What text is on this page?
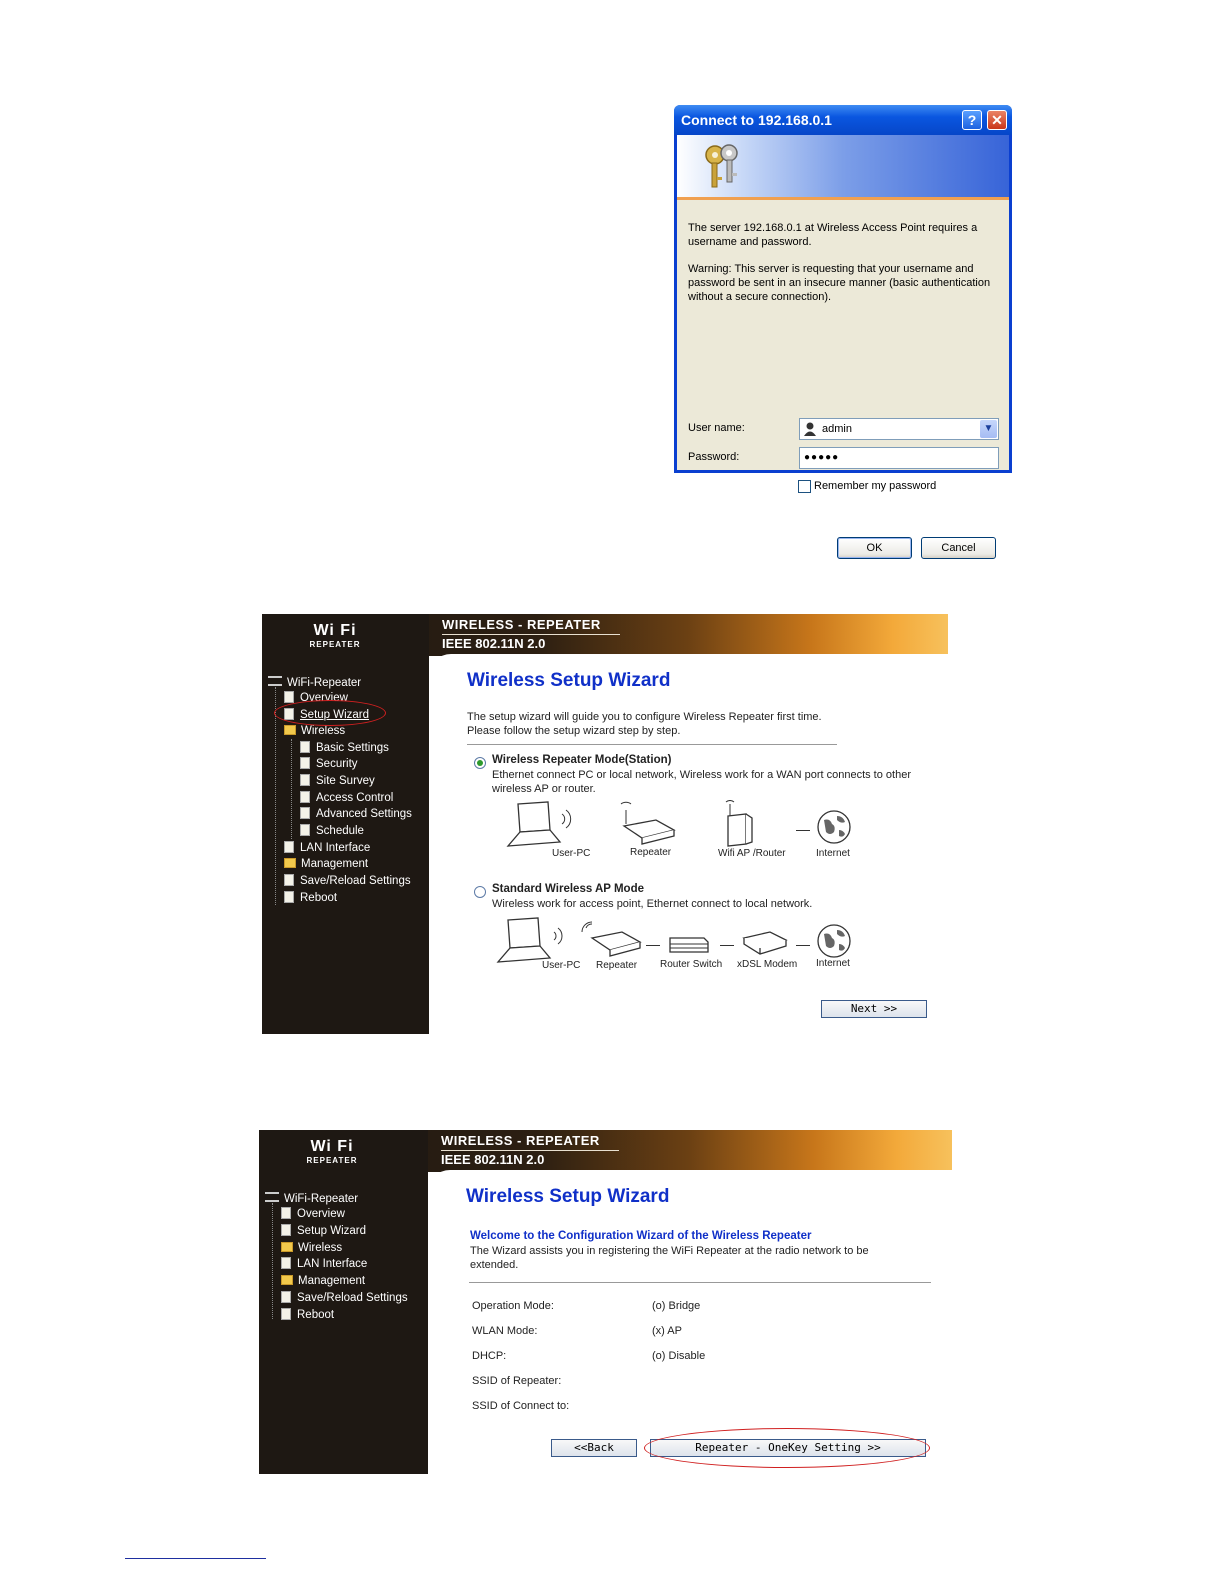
Connect to 192.168.0.1	?	✕

The server 192.168.0.1 at Wireless Access Point requires a username and password.

Warning: This server is requesting that your username and password be sent in an insecure manner (basic authentication without a secure connection).

User name:	admin	▼
Password:	●●●●●
Remember my password
OK	Cancel
Wi Fi
REPEATER
WiFi-Repeater
Overview
Setup Wizard
Wireless
Basic Settings
Security
Site Survey
Access Control
Advanced Settings
Schedule
LAN Interface
Management
Save/Reload Settings
Reboot
WIRELESS - REPEATER
IEEE 802.11N 2.0
Wireless Setup Wizard

The setup wizard will guide you to configure Wireless Repeater first time.

Please follow the setup wizard step by step.

Wireless Repeater Mode(Station)

Ethernet connect PC or local network, Wireless work for a WAN port connects to other wireless AP or router.

User-PC	Repeater	Wifi AP /Router	Internet
Standard Wireless AP Mode

Wireless work for access point, Ethernet connect to local network.

User-PC Repeater Router Switch xDSL Modem Internet
Next >>
Wi Fi
REPEATER
WiFi-Repeater
Overview
Setup Wizard
Wireless
LAN Interface
Management
Save/Reload Settings
Reboot
WIRELESS - REPEATER
IEEE 802.11N 2.0
Wireless Setup Wizard
Welcome to the Configuration Wizard of the Wireless Repeater

The Wizard assists you in registering the WiFi Repeater at the radio network to be extended.

Operation Mode:	(o) Bridge
WLAN Mode:	(x) AP
DHCP:	(o) Disable
SSID of Repeater:
SSID of Connect to:
<<Back	Repeater - OneKey Setting >>
